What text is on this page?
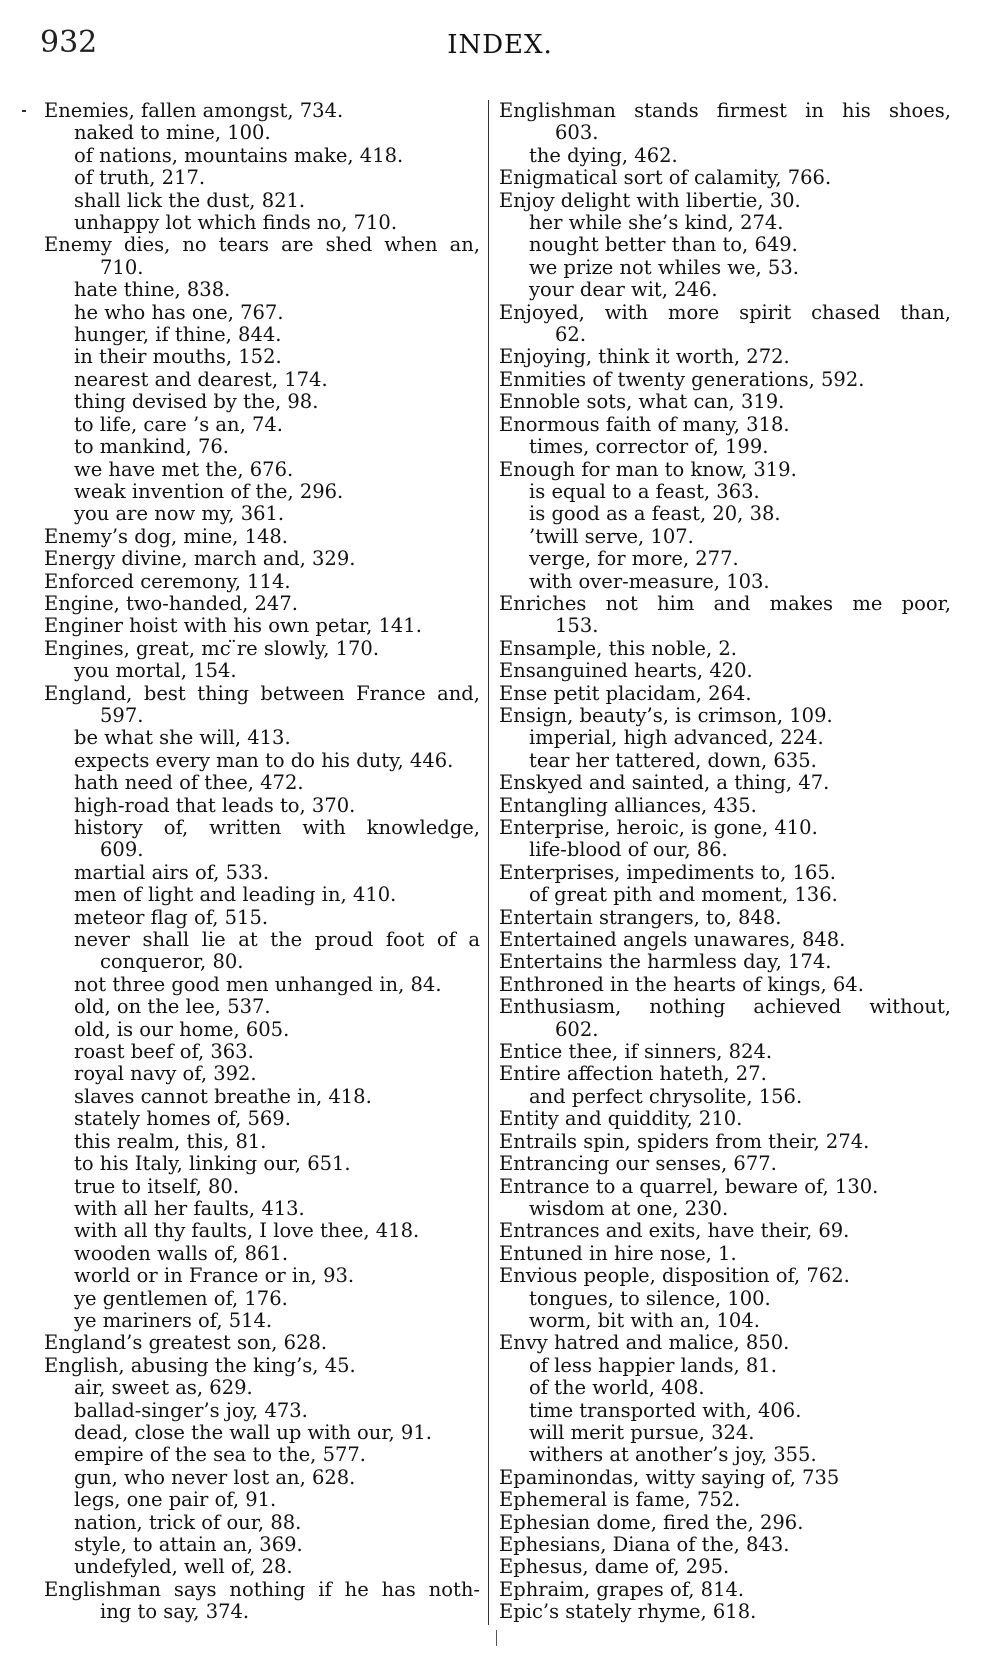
932	INDEX.
Enemies, fallen amongst, 734.
naked to mine, 100.
of nations, mountains make, 418.
of truth, 217.
shall lick the dust, 821.
unhappy lot which finds no, 710.
Enemy dies, no tears are shed when an,
710.
hate thine, 838.
he who has one, 767.
hunger, if thine, 844.
in their mouths, 152.
nearest and dearest, 174.
thing devised by the, 98.
to life, care ’s an, 74.
to mankind, 76.
we have met the, 676.
weak invention of the, 296.
you are now my, 361.
Enemy’s dog, mine, 148.
Energy divine, march and, 329.
Enforced ceremony, 114.
Engine, two-handed, 247.
Enginer hoist with his own petar, 141.
Engines, great, mc ̈re slowly, 170.
you mortal, 154.
England, best thing between France and,
597.
be what she will, 413.
expects every man to do his duty, 446.
hath need of thee, 472.
high-road that leads to, 370.
history of, written with knowledge,
609.
martial airs of, 533.
men of light and leading in, 410.
meteor flag of, 515.
never shall lie at the proud foot of a
conqueror, 80.
not three good men unhanged in, 84.
old, on the lee, 537.
old, is our home, 605.
roast beef of, 363.
royal navy of, 392.
slaves cannot breathe in, 418.
stately homes of, 569.
this realm, this, 81.
to his Italy, linking our, 651.
true to itself, 80.
with all her faults, 413.
with all thy faults, I love thee, 418.
wooden walls of, 861.
world or in France or in, 93.
ye gentlemen of, 176.
ye mariners of, 514.
England’s greatest son, 628.
English, abusing the king’s, 45.
air, sweet as, 629.
ballad-singer’s joy, 473.
dead, close the wall up with our, 91.
empire of the sea to the, 577.
gun, who never lost an, 628.
legs, one pair of, 91.
nation, trick of our, 88.
style, to attain an, 369.
undefyled, well of, 28.
Englishman says nothing if he has noth-
ing to say, 374.
Englishman stands firmest in his shoes,
603.
the dying, 462.
Enigmatical sort of calamity, 766.
Enjoy delight with libertie, 30.
her while she’s kind, 274.
nought better than to, 649.
we prize not whiles we, 53.
your dear wit, 246.
Enjoyed, with more spirit chased than,
62.
Enjoying, think it worth, 272.
Enmities of twenty generations, 592.
Ennoble sots, what can, 319.
Enormous faith of many, 318.
times, corrector of, 199.
Enough for man to know, 319.
is equal to a feast, 363.
is good as a feast, 20, 38.
’twill serve, 107.
verge, for more, 277.
with over-measure, 103.
Enriches not him and makes me poor,
153.
Ensample, this noble, 2.
Ensanguined hearts, 420.
Ense petit placidam, 264.
Ensign, beauty’s, is crimson, 109.
imperial, high advanced, 224.
tear her tattered, down, 635.
Enskyed and sainted, a thing, 47.
Entangling alliances, 435.
Enterprise, heroic, is gone, 410.
life-blood of our, 86.
Enterprises, impediments to, 165.
of great pith and moment, 136.
Entertain strangers, to, 848.
Entertained angels unawares, 848.
Entertains the harmless day, 174.
Enthroned in the hearts of kings, 64.
Enthusiasm, nothing achieved without,
602.
Entice thee, if sinners, 824.
Entire affection hateth, 27.
and perfect chrysolite, 156.
Entity and quiddity, 210.
Entrails spin, spiders from their, 274.
Entrancing our senses, 677.
Entrance to a quarrel, beware of, 130.
wisdom at one, 230.
Entrances and exits, have their, 69.
Entuned in hire nose, 1.
Envious people, disposition of, 762.
tongues, to silence, 100.
worm, bit with an, 104.
Envy hatred and malice, 850.
of less happier lands, 81.
of the world, 408.
time transported with, 406.
will merit pursue, 324.
withers at another’s joy, 355.
Epaminondas, witty saying of, 735
Ephemeral is fame, 752.
Ephesian dome, fired the, 296.
Ephesians, Diana of the, 843.
Ephesus, dame of, 295.
Ephraim, grapes of, 814.
Epic’s stately rhyme, 618.
